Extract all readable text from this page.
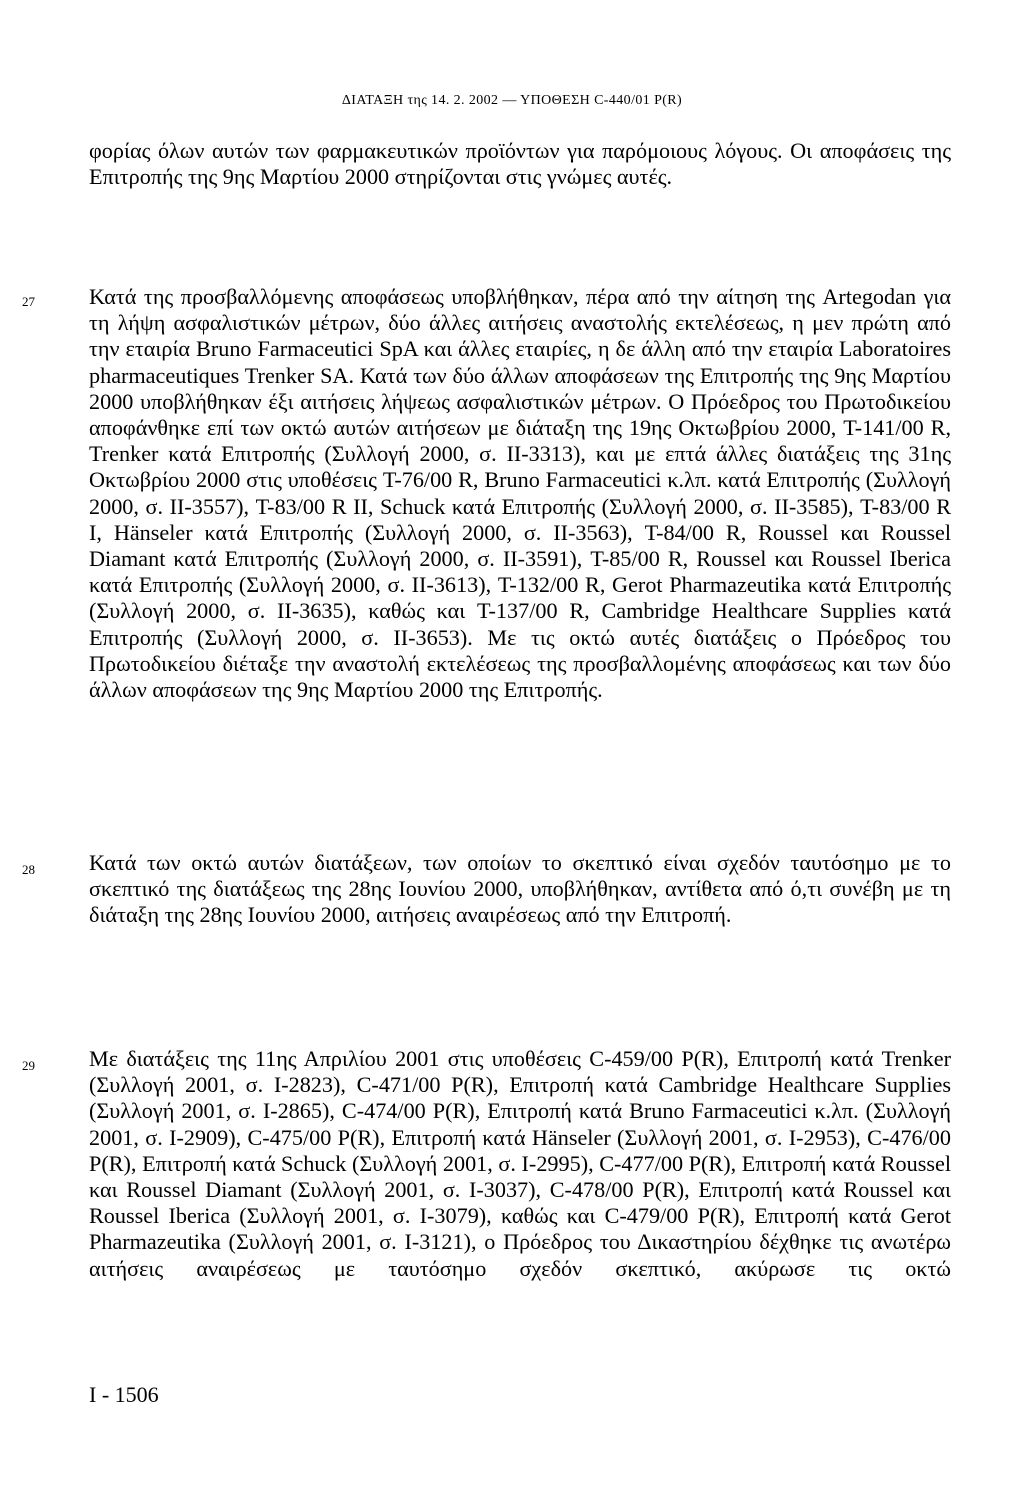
ΔΙΑΤΑΞΗ της 14. 2. 2002 — ΥΠΟΘΕΣΗ C-440/01 P(R)

φορίας όλων αυτών των φαρμακευτικών προϊόντων για παρόμοιους λόγους. Οι αποφάσεις της Επιτροπής της 9ης Μαρτίου 2000 στηρίζονται στις γνώμες αυτές.

27 Κατά της προσβαλλόμενης αποφάσεως υποβλήθηκαν, πέρα από την αίτηση της Artegodan για τη λήψη ασφαλιστικών μέτρων, δύο άλλες αιτήσεις αναστολής εκτελέσεως, η μεν πρώτη από την εταιρία Bruno Farmaceutici SpA και άλλες εταιρίες, η δε άλλη από την εταιρία Laboratoires pharmaceutiques Trenker SA. Κατά των δύο άλλων αποφάσεων της Επιτροπής της 9ης Μαρτίου 2000 υποβλήθηκαν έξι αιτήσεις λήψεως ασφαλιστικών μέτρων. Ο Πρόεδρος του Πρωτοδικείου αποφάνθηκε επί των οκτώ αυτών αιτήσεων με διάταξη της 19ης Οκτωβρίου 2000, T-141/00 R, Trenker κατά Επιτροπής (Συλλογή 2000, σ. II-3313), και με επτά άλλες διατάξεις της 31ης Οκτωβρίου 2000 στις υποθέσεις T-76/00 R, Bruno Farmaceutici κ.λπ. κατά Επιτροπής (Συλλογή 2000, σ. II-3557), T-83/00 R II, Schuck κατά Επιτροπής (Συλλογή 2000, σ. II-3585), T-83/00 R I, Hänseler κατά Επιτροπής (Συλλογή 2000, σ. II-3563), T-84/00 R, Roussel και Roussel Diamant κατά Επιτροπής (Συλλογή 2000, σ. II-3591), T-85/00 R, Roussel και Roussel Iberica κατά Επιτροπής (Συλλογή 2000, σ. II-3613), T-132/00 R, Gerot Pharmazeutika κατά Επιτροπής (Συλλογή 2000, σ. II-3635), καθώς και T-137/00 R, Cambridge Healthcare Supplies κατά Επιτροπής (Συλλογή 2000, σ. II-3653). Με τις οκτώ αυτές διατάξεις ο Πρόεδρος του Πρωτοδικείου διέταξε την αναστολή εκτελέσεως της προσβαλλομένης αποφάσεως και των δύο άλλων αποφάσεων της 9ης Μαρτίου 2000 της Επιτροπής.

28 Κατά των οκτώ αυτών διατάξεων, των οποίων το σκεπτικό είναι σχεδόν ταυτόσημο με το σκεπτικό της διατάξεως της 28ης Ιουνίου 2000, υποβλήθηκαν, αντίθετα από ό,τι συνέβη με τη διάταξη της 28ης Ιουνίου 2000, αιτήσεις αναιρέσεως από την Επιτροπή.

29 Με διατάξεις της 11ης Απριλίου 2001 στις υποθέσεις C-459/00 P(R), Επιτροπή κατά Trenker (Συλλογή 2001, σ. I-2823), C-471/00 P(R), Επιτροπή κατά Cambridge Healthcare Supplies (Συλλογή 2001, σ. I-2865), C-474/00 P(R), Επιτροπή κατά Bruno Farmaceutici κ.λπ. (Συλλογή 2001, σ. I-2909), C-475/00 P(R), Επιτροπή κατά Hänseler (Συλλογή 2001, σ. I-2953), C-476/00 P(R), Επιτροπή κατά Schuck (Συλλογή 2001, σ. I-2995), C-477/00 P(R), Επιτροπή κατά Roussel και Roussel Diamant (Συλλογή 2001, σ. I-3037), C-478/00 P(R), Επιτροπή κατά Roussel και Roussel Iberica (Συλλογή 2001, σ. I-3079), καθώς και C-479/00 P(R), Επιτροπή κατά Gerot Pharmazeutika (Συλλογή 2001, σ. I-3121), ο Πρόεδρος του Δικαστηρίου δέχθηκε τις ανωτέρω αιτήσεις αναιρέσεως με ταυτόσημο σχεδόν σκεπτικό, ακύρωσε τις οκτώ

I - 1506
